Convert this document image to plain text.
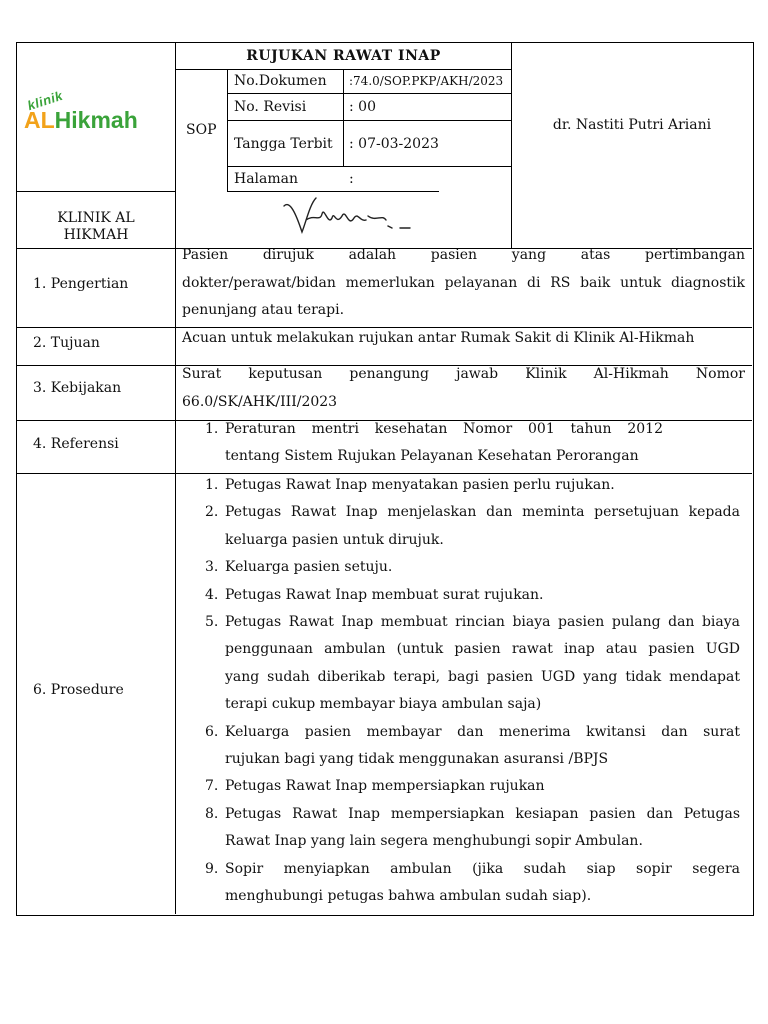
klinik
ALHikmah
KLINIK AL
HIKMAH
RUJUKAN RAWAT INAP
SOP
No.Dokumen :74.0/SOP.PKP/AKH/2023
No. Revisi	: 00
Tangga Terbit : 07-03-2023
Halaman	:
dr. Nastiti Putri Ariani
1. Pengertian
2. Tujuan
3. Kebijakan
4. Referensi
6. Prosedure
Pasien dirujuk adalah pasien yang atas pertimbangan
dokter/perawat/bidan memerlukan pelayanan di RS baik untuk diagnostik
penunjang atau terapi.
Acuan untuk melakukan rujukan antar Rumak Sakit di Klinik Al-Hikmah
Surat keputusan penangung jawab Klinik Al-Hikmah Nomor
66.0/SK/AHK/III/2023
1. Peraturan mentri kesehatan Nomor 001 tahun 2012
tentang Sistem Rujukan Pelayanan Kesehatan Perorangan
1. Petugas Rawat Inap menyatakan pasien perlu rujukan.
2. Petugas Rawat Inap menjelaskan dan meminta persetujuan kepada
keluarga pasien untuk dirujuk.
3. Keluarga pasien setuju.
4. Petugas Rawat Inap membuat surat rujukan.
5. Petugas Rawat Inap membuat rincian biaya pasien pulang dan biaya
penggunaan ambulan (untuk pasien rawat inap atau pasien UGD
yang sudah diberikab terapi, bagi pasien UGD yang tidak mendapat
terapi cukup membayar biaya ambulan saja)
6. Keluarga pasien membayar dan menerima kwitansi dan surat
rujukan bagi yang tidak menggunakan asuransi /BPJS
7. Petugas Rawat Inap mempersiapkan rujukan
8. Petugas Rawat Inap mempersiapkan kesiapan pasien dan Petugas
Rawat Inap yang lain segera menghubungi sopir Ambulan.
9. Sopir menyiapkan ambulan (jika sudah siap sopir segera
menghubungi petugas bahwa ambulan sudah siap).
